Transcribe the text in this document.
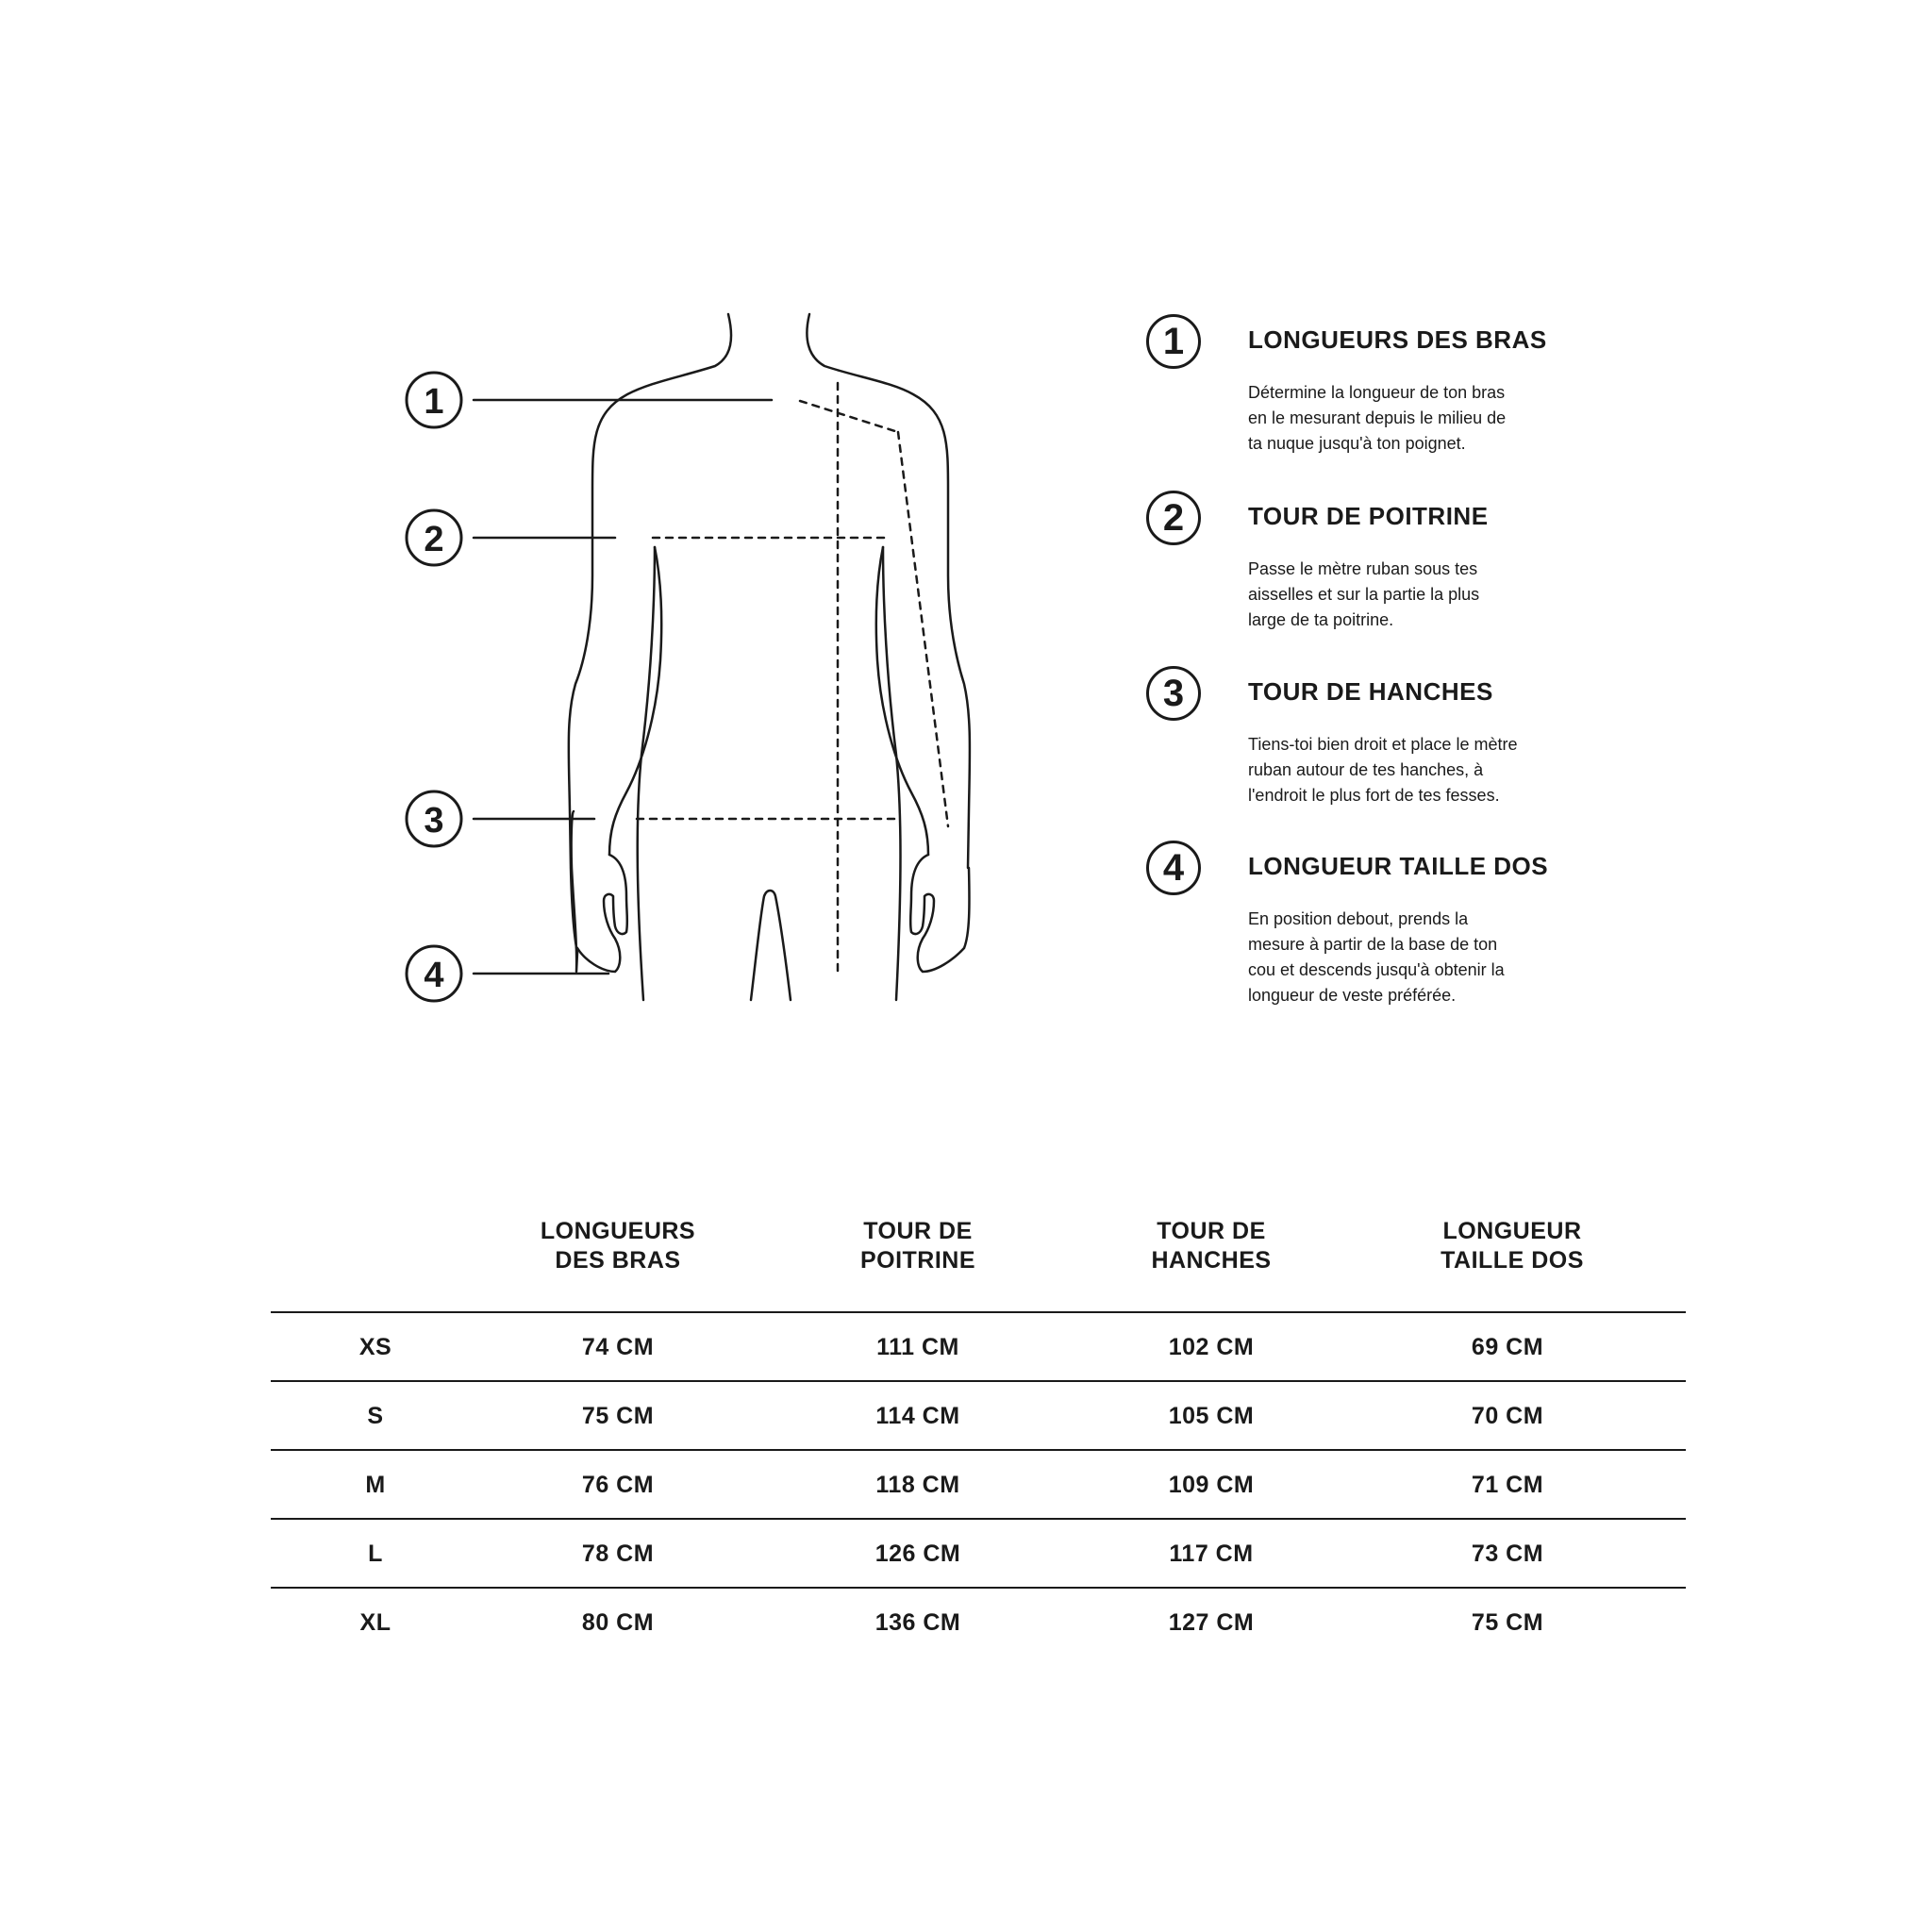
1
2
3
4
1	LONGUEURS DES BRAS
Détermine la longueur de ton bras
en le mesurant depuis le milieu de
ta nuque jusqu'à ton poignet.
2	TOUR DE POITRINE
Passe le mètre ruban sous tes
aisselles et sur la partie la plus
large de ta poitrine.
3	TOUR DE HANCHES
Tiens-toi bien droit et place le mètre
ruban autour de tes hanches, à
l'endroit le plus fort de tes fesses.
4	LONGUEUR TAILLE DOS
En position debout, prends la
mesure à partir de la base de ton
cou et descends jusqu'à obtenir la
longueur de veste préférée.
LONGUEURS
DES BRAS
TOUR DE
POITRINE
TOUR DE
HANCHES
LONGUEUR
TAILLE DOS
XS	74 CM	111 CM	102 CM	69 CM
S	75 CM	114 CM	105 CM	70 CM
M	76 CM	118 CM	109 CM	71 CM
L	78 CM	126 CM	117 CM	73 CM
XL	80 CM	136 CM	127 CM	75 CM
